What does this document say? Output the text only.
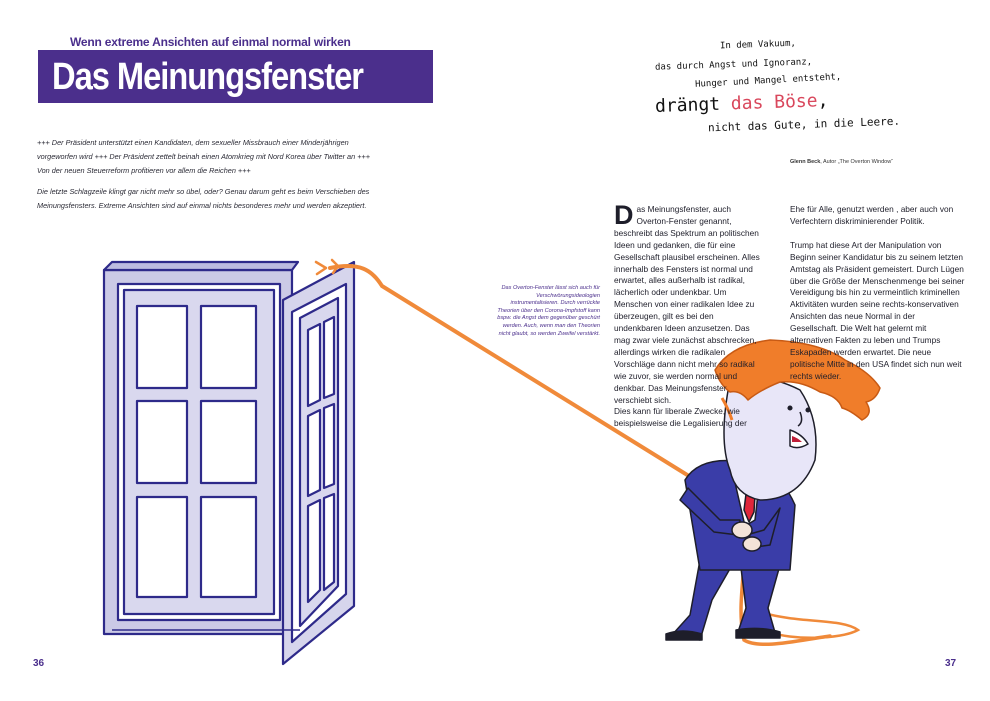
Wenn extreme Ansichten auf einmal normal wirken
Das Meinungsfenster

+++ Der Präsident unterstützt einen Kandidaten, dem sexueller Missbrauch einer Minderjährigen
vorgeworfen wird +++ Der Präsident zettelt beinah einen Atomkrieg mit Nord Korea über Twitter an +++
Von der neuen Steuerreform profitieren vor allem die Reichen +++

Die letzte Schlagzeile klingt gar nicht mehr so übel, oder? Genau darum geht es beim Verschieben des
Meinungsfensters. Extreme Ansichten sind auf einmal nichts besonderes mehr und werden akzeptiert.

In dem Vakuum,
das durch Angst und Ignoranz,
Hunger und Mangel entsteht,
drängt das Böse,
nicht das Gute, in die Leere.
Glenn Beck, Autor „The Overton Window“
Das Overton-Fenster lässt sich auch für Verschwörungsideologien instrumentalisieren. Durch verrückte Theorien über den Corona-Impfstoff kann bspw. die Angst dem gegenüber geschürt werden. Auch, wenn man den Theorien nicht glaubt, so werden Zweifel verstärkt.

Das Meinungsfenster, auch Overton-Fenster genannt, beschreibt das Spektrum an politischen Ideen und gedanken, die für eine Gesellschaft plausibel erscheinen. Alles innerhalb des Fensters ist normal und erwartet, alles außerhalb ist radikal, lächerlich oder undenkbar. Um Menschen von einer radikalen Idee zu überzeugen, gilt es bei den undenkbaren Ideen anzusetzen. Das mag zwar viele zunächst abschrecken, allerdings wirken die radikalen Vorschläge dann nicht mehr so radikal wie zuvor, sie werden normal und denkbar. Das Meinungsfenster verschiebt sich.
Dies kann für liberale Zwecke, wie beispielsweise die Legalisierung der

Ehe für Alle, genutzt werden , aber auch von Verfechtern diskriminierender Politik.

Trump hat diese Art der Manipulation von Beginn seiner Kandidatur bis zu seinem letzten Amtstag als Präsident gemeistert. Durch Lügen über die Größe der Menschenmenge bei seiner Vereidigung bis hin zu vermeintlich kriminellen Aktivitäten wurden seine rechts-konservativen Ansichten das neue Normal in der Gesellschaft. Die Welt hat gelernt mit alternativen Fakten zu leben und Trumps Eskapaden werden erwartet. Die neue politische Mitte in den USA findet sich nun weit rechts wieder.

36	37
